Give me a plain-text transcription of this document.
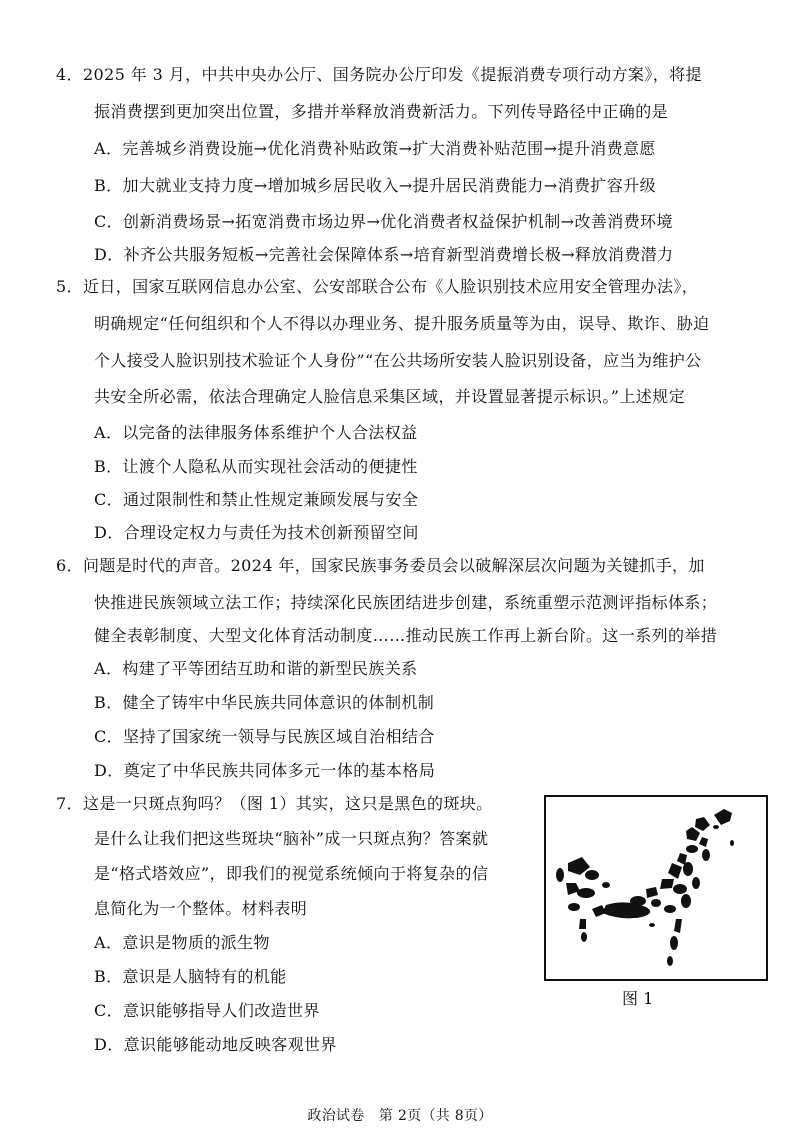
4．2025 年 3 月，中共中央办公厅、国务院办公厅印发《提振消费专项行动方案》，将提
振消费摆到更加突出位置，多措并举释放消费新活力。下列传导路径中正确的是
A．完善城乡消费设施→优化消费补贴政策→扩大消费补贴范围→提升消费意愿
B．加大就业支持力度→增加城乡居民收入→提升居民消费能力→消费扩容升级
C．创新消费场景→拓宽消费市场边界→优化消费者权益保护机制→改善消费环境
D．补齐公共服务短板→完善社会保障体系→培育新型消费增长极→释放消费潜力
5．近日，国家互联网信息办公室、公安部联合公布《人脸识别技术应用安全管理办法》，
明确规定“任何组织和个人不得以办理业务、提升服务质量等为由，误导、欺诈、胁迫
个人接受人脸识别技术验证个人身份”“在公共场所安装人脸识别设备，应当为维护公
共安全所必需，依法合理确定人脸信息采集区域，并设置显著提示标识。”上述规定
A．以完备的法律服务体系维护个人合法权益
B．让渡个人隐私从而实现社会活动的便捷性
C．通过限制性和禁止性规定兼顾发展与安全
D．合理设定权力与责任为技术创新预留空间
6．问题是时代的声音。2024 年，国家民族事务委员会以破解深层次问题为关键抓手，加
快推进民族领域立法工作；持续深化民族团结进步创建，系统重塑示范测评指标体系；
健全表彰制度、大型文化体育活动制度……推动民族工作再上新台阶。这一系列的举措
A．构建了平等团结互助和谐的新型民族关系
B．健全了铸牢中华民族共同体意识的体制机制
C．坚持了国家统一领导与民族区域自治相结合
D．奠定了中华民族共同体多元一体的基本格局
7．这是一只斑点狗吗？（图 1）其实，这只是黑色的斑块。
是什么让我们把这些斑块“脑补”成一只斑点狗？答案就
是“格式塔效应”，即我们的视觉系统倾向于将复杂的信
息简化为一个整体。材料表明
A．意识是物质的派生物
B．意识是人脑特有的机能
C．意识能够指导人们改造世界
D．意识能够能动地反映客观世界
图 1
政治试卷　第 2页（共 8页）
